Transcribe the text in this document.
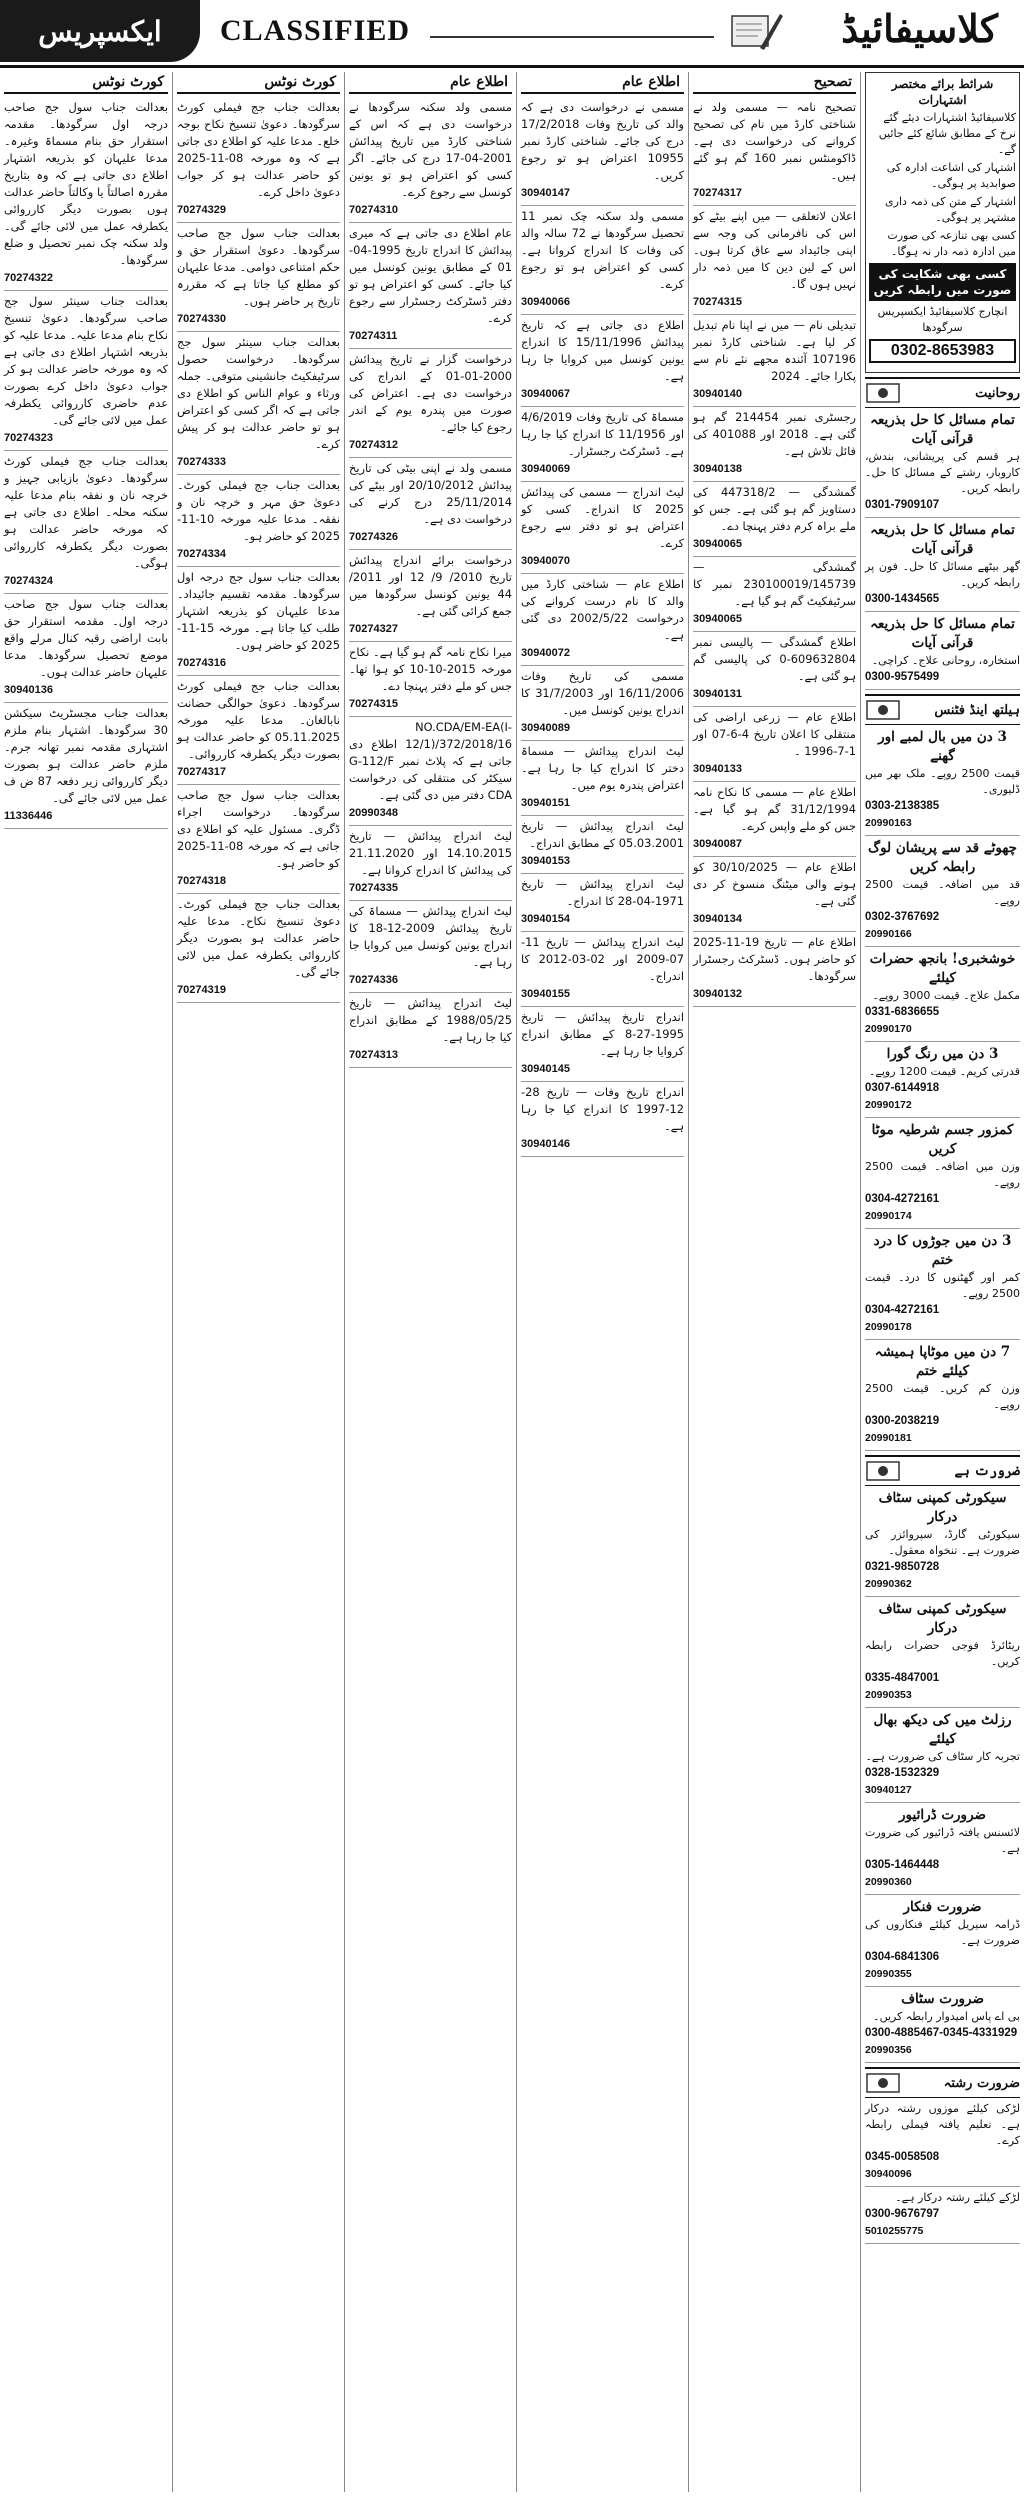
ایکسپریس	CLASSIFIED	کلاسیفائیڈ
کورٹ نوٹس
بعدالت جناب سول جج صاحب درجہ اول سرگودھا۔ مقدمہ استقرار حق بنام مسماۃ وغیرہ۔ مدعا علیہان کو بذریعہ اشتہار اطلاع دی جاتی ہے کہ وہ بتاریخ مقررہ اصالتاً یا وکالتاً حاضر عدالت ہوں بصورت دیگر کارروائی یکطرفہ عمل میں لائی جائے گی۔ ولد سکنہ چک نمبر تحصیل و ضلع سرگودھا۔
70274322
بعدالت جناب سینئر سول جج صاحب سرگودھا۔ دعویٰ تنسیخ نکاح بنام مدعا علیہ۔ مدعا علیہ کو بذریعہ اشتہار اطلاع دی جاتی ہے کہ وہ مورخہ حاضر عدالت ہو کر جواب دعویٰ داخل کرے بصورت عدم حاضری کارروائی یکطرفہ عمل میں لائی جائے گی۔
70274323
بعدالت جناب جج فیملی کورٹ سرگودھا۔ دعویٰ بازیابی جہیز و خرچہ نان و نفقہ بنام مدعا علیہ سکنہ محلہ۔ اطلاع دی جاتی ہے کہ مورخہ حاضر عدالت ہو بصورت دیگر یکطرفہ کارروائی ہوگی۔
70274324
بعدالت جناب سول جج صاحب درجہ اول۔ مقدمہ استقرار حق بابت اراضی رقبہ کنال مرلے واقع موضع تحصیل سرگودھا۔ مدعا علیہان حاضر عدالت ہوں۔
30940136
بعدالت جناب مجسٹریٹ سیکشن 30 سرگودھا۔ اشتہار بنام ملزم اشتہاری مقدمہ نمبر تھانہ جرم۔ ملزم حاضر عدالت ہو بصورت دیگر کارروائی زیر دفعہ 87 ض ف عمل میں لائی جائے گی۔
11336446
کورٹ نوٹس
بعدالت جناب جج فیملی کورٹ سرگودھا۔ دعویٰ تنسیخ نکاح بوجہ خلع۔ مدعا علیہ کو اطلاع دی جاتی ہے کہ وہ مورخہ 08-11-2025 کو حاضر عدالت ہو کر جواب دعویٰ داخل کرے۔
70274329
بعدالت جناب سول جج صاحب سرگودھا۔ دعویٰ استقرار حق و حکم امتناعی دوامی۔ مدعا علیہان کو مطلع کیا جاتا ہے کہ مقررہ تاریخ پر حاضر ہوں۔
70274330
بعدالت جناب سینئر سول جج سرگودھا۔ درخواست حصول سرٹیفکیٹ جانشینی متوفی۔ جملہ ورثاء و عوام الناس کو اطلاع دی جاتی ہے کہ اگر کسی کو اعتراض ہو تو حاضر عدالت ہو کر پیش کرے۔
70274333
بعدالت جناب جج فیملی کورٹ۔ دعویٰ حق مہر و خرچہ نان و نفقہ۔ مدعا علیہ مورخہ 10-11-2025 کو حاضر ہو۔
70274334
بعدالت جناب سول جج درجہ اول سرگودھا۔ مقدمہ تقسیم جائیداد۔ مدعا علیہان کو بذریعہ اشتہار طلب کیا جاتا ہے۔ مورخہ 15-11-2025 کو حاضر ہوں۔
70274316
بعدالت جناب جج فیملی کورٹ سرگودھا۔ دعویٰ حوالگی حضانت نابالغان۔ مدعا علیہ مورخہ 05.11.2025 کو حاضر عدالت ہو بصورت دیگر یکطرفہ کارروائی۔
70274317
بعدالت جناب سول جج صاحب سرگودھا۔ درخواست اجراء ڈگری۔ مسئول علیہ کو اطلاع دی جاتی ہے کہ مورخہ 08-11-2025 کو حاضر ہو۔
70274318
بعدالت جناب جج فیملی کورٹ۔ دعویٰ تنسیخ نکاح۔ مدعا علیہ حاضر عدالت ہو بصورت دیگر کارروائی یکطرفہ عمل میں لائی جائے گی۔
70274319
اطلاع عام
مسمی ولد سکنہ سرگودھا نے درخواست دی ہے کہ اس کے شناختی کارڈ میں تاریخ پیدائش 2001-04-17 درج کی جائے۔ اگر کسی کو اعتراض ہو تو یونین کونسل سے رجوع کرے۔
70274310
عام اطلاع دی جاتی ہے کہ میری پیدائش کا اندراج تاریخ 1995-04-01 کے مطابق یونین کونسل میں کیا جائے۔ کسی کو اعتراض ہو تو دفتر ڈسٹرکٹ رجسٹرار سے رجوع کرے۔
70274311
درخواست گزار نے تاریخ پیدائش 2000-01-01 کے اندراج کی درخواست دی ہے۔ اعتراض کی صورت میں پندرہ یوم کے اندر رجوع کیا جائے۔
70274312
مسمی ولد نے اپنی بیٹی کی تاریخ پیدائش 20/10/2012 اور بیٹے کی 25/11/2014 درج کرنے کی درخواست دی ہے۔
70274326
درخواست برائے اندراج پیدائش تاریخ 2010/ 9/ 12 اور 2011/ 44 یونین کونسل سرگودھا میں جمع کرائی گئی ہے۔
70274327
میرا نکاح نامہ گم ہو گیا ہے۔ نکاح مورخہ 2015-10-10 کو ہوا تھا۔ جس کو ملے دفتر پہنچا دے۔
70274315
NO.CDA/EM-EA(I-12/1)/372/2018/16 اطلاع دی جاتی ہے کہ پلاٹ نمبر G-112/F سیکٹر کی منتقلی کی درخواست CDA دفتر میں دی گئی ہے۔
20990348
لیٹ اندراج پیدائش — تاریخ 14.10.2015 اور 21.11.2020 کی پیدائش کا اندراج کروانا ہے۔
70274335
لیٹ اندراج پیدائش — مسماۃ کی تاریخ پیدائش 2009-12-18 کا اندراج یونین کونسل میں کروایا جا رہا ہے۔
70274336
لیٹ اندراج پیدائش — تاریخ 1988/05/25 کے مطابق اندراج کیا جا رہا ہے۔
70274313
اطلاع عام
مسمی نے درخواست دی ہے کہ والد کی تاریخ وفات 17/2/2018 درج کی جائے۔ شناختی کارڈ نمبر 10955 اعتراض ہو تو رجوع کریں۔
30940147
مسمی ولد سکنہ چک نمبر 11 تحصیل سرگودھا نے 72 سالہ والد کی وفات کا اندراج کروانا ہے۔ کسی کو اعتراض ہو تو رجوع کرے۔
30940066
اطلاع دی جاتی ہے کہ تاریخ پیدائش 15/11/1996 کا اندراج یونین کونسل میں کروایا جا رہا ہے۔
30940067
مسماۃ کی تاریخ وفات 4/6/2019 اور 11/1956 کا اندراج کیا جا رہا ہے۔ ڈسٹرکٹ رجسٹرار۔
30940069
لیٹ اندراج — مسمی کی پیدائش 2025 کا اندراج۔ کسی کو اعتراض ہو تو دفتر سے رجوع کرے۔
30940070
اطلاع عام — شناختی کارڈ میں والد کا نام درست کروانے کی درخواست 2002/5/22 دی گئی ہے۔
30940072
مسمی کی تاریخ وفات 16/11/2006 اور 31/7/2003 کا اندراج یونین کونسل میں۔
30940089
لیٹ اندراج پیدائش — مسماۃ دختر کا اندراج کیا جا رہا ہے۔ اعتراض پندرہ یوم میں۔
30940151
لیٹ اندراج پیدائش — تاریخ 05.03.2001 کے مطابق اندراج۔
30940153
لیٹ اندراج پیدائش — تاریخ 1971-04-28 کا اندراج۔
30940154
لیٹ اندراج پیدائش — تاریخ 11-07-2009 اور 02-03-2012 کا اندراج۔
30940155
اندراج تاریخ پیدائش — تاریخ 1995-27-8 کے مطابق اندراج کروایا جا رہا ہے۔
30940145
اندراج تاریخ وفات — تاریخ 28-12-1997 کا اندراج کیا جا رہا ہے۔
30940146
تصحیح
تصحیح نامہ — مسمی ولد نے شناختی کارڈ میں نام کی تصحیح کروانے کی درخواست دی ہے۔ ڈاکومنٹس نمبر 160 گم ہو گئے ہیں۔
70274317
اعلان لاتعلقی — میں اپنے بیٹے کو اس کی نافرمانی کی وجہ سے اپنی جائیداد سے عاق کرتا ہوں۔ اس کے لین دین کا میں ذمہ دار نہیں ہوں گا۔
70274315
تبدیلی نام — میں نے اپنا نام تبدیل کر لیا ہے۔ شناختی کارڈ نمبر 107196 آئندہ مجھے نئے نام سے پکارا جائے۔ 2024
30940140
رجسٹری نمبر 214454 گم ہو گئی ہے۔ 2018 اور 401088 کی فائل تلاش ہے۔
30940138
گمشدگی — 447318/2 کی دستاویز گم ہو گئی ہے۔ جس کو ملے براہ کرم دفتر پہنچا دے۔
30940065
گمشدگی — 230100019/145739 نمبر کا سرٹیفکیٹ گم ہو گیا ہے۔
30940065
اطلاع گمشدگی — پالیسی نمبر 609632804-0 کی پالیسی گم ہو گئی ہے۔
30940131
اطلاع عام — زرعی اراضی کی منتقلی کا اعلان تاریخ 4-6-07 اور 1-7-1996 ۔
30940133
اطلاع عام — مسمی کا نکاح نامہ 31/12/1994 گم ہو گیا ہے۔ جس کو ملے واپس کرے۔
30940087
اطلاع عام — 30/10/2025 کو ہونے والی میٹنگ منسوخ کر دی گئی ہے۔
30940134
اطلاع عام — تاریخ 19-11-2025 کو حاضر ہوں۔ ڈسٹرکٹ رجسٹرار سرگودھا۔
30940132
شرائط برائے مختصر اشتہارات
کلاسیفائیڈ اشتہارات دیئے گئے نرخ کے مطابق شائع کئے جائیں گے۔
اشتہار کی اشاعت ادارہ کی صوابدید پر ہوگی۔
اشتہار کے متن کی ذمہ داری مشتہر پر ہوگی۔
کسی بھی تنازعہ کی صورت میں ادارہ ذمہ دار نہ ہوگا۔
کسی بھی شکایت کی صورت میں رابطہ کریں
انچارج کلاسیفائیڈ ایکسپریس سرگودھا
0302-8653983
روحانیت
تمام مسائل کا حل بذریعہ قرآنی آیات
ہر قسم کی پریشانی، بندش، کاروبار، رشتے کے مسائل کا حل۔ رابطہ کریں۔
0301-7909107
تمام مسائل کا حل بذریعہ قرآنی آیات
گھر بیٹھے مسائل کا حل۔ فون پر رابطہ کریں۔
0300-1434565
تمام مسائل کا حل بذریعہ قرآنی آیات
استخارہ، روحانی علاج۔ کراچی۔
0300-9575499
ہیلتھ اینڈ فٹنس
3 دن میں بال لمبے اور گھنے
قیمت 2500 روپے۔ ملک بھر میں ڈلیوری۔
0303-2138385
20990163
چھوٹے قد سے پریشان لوگ رابطہ کریں
قد میں اضافہ۔ قیمت 2500 روپے۔
0302-3767692
20990166
خوشخبری! بانجھ حضرات کیلئے
مکمل علاج۔ قیمت 3000 روپے۔
0331-6836655
20990170
3 دن میں رنگ گورا
قدرتی کریم۔ قیمت 1200 روپے۔
0307-6144918
20990172
کمزور جسم شرطیہ موٹا کریں
وزن میں اضافہ۔ قیمت 2500 روپے۔
0304-4272161
20990174
3 دن میں جوڑوں کا درد ختم
کمر اور گھٹنوں کا درد۔ قیمت 2500 روپے۔
0304-4272161
20990178
7 دن میں موٹاپا ہمیشہ کیلئے ختم
وزن کم کریں۔ قیمت 2500 روپے۔
0300-2038219
20990181
ضرورت ہے
سیکورٹی کمپنی سٹاف درکار
سیکورٹی گارڈ، سپروائزر کی ضرورت ہے۔ تنخواہ معقول۔
0321-9850728
20990362
سیکورٹی کمپنی سٹاف درکار
ریٹائرڈ فوجی حضرات رابطہ کریں۔
0335-4847001
20990353
رزلٹ میں کی دیکھ بھال کیلئے
تجربہ کار سٹاف کی ضرورت ہے۔
0328-1532329
30940127
ضرورت ڈرائیور
لائسنس یافتہ ڈرائیور کی ضرورت ہے۔
0305-1464448
20990360
ضرورت فنکار
ڈرامہ سیریل کیلئے فنکاروں کی ضرورت ہے۔
0304-6841306
20990355
ضرورت سٹاف
بی اے پاس امیدوار رابطہ کریں۔
0300-4885467-0345-4331929
20990356
ضرورت رشتہ
لڑکی کیلئے موزوں رشتہ درکار ہے۔ تعلیم یافتہ فیملی رابطہ کرے۔
0345-0058508
30940096
لڑکے کیلئے رشتہ درکار ہے۔
0300-9676797
5010255775
